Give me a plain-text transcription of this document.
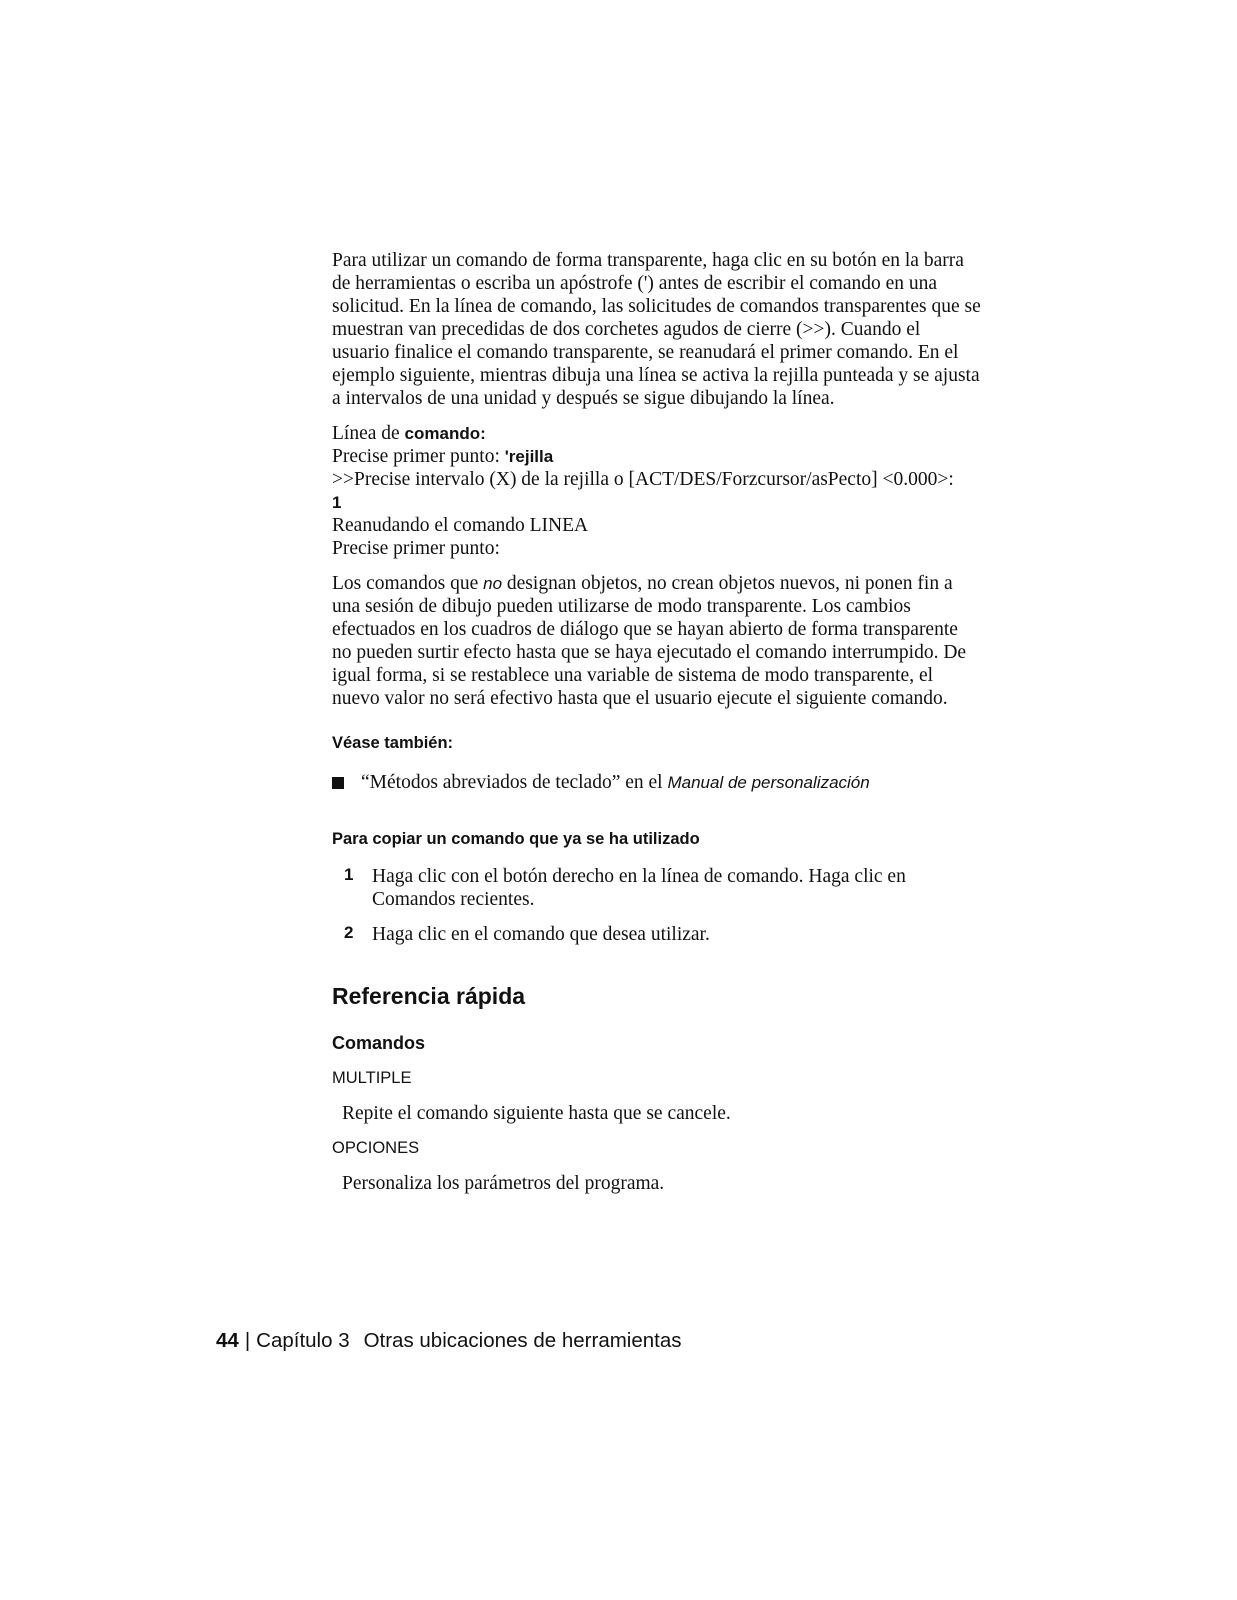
Para utilizar un comando de forma transparente, haga clic en su botón en la barra de herramientas o escriba un apóstrofe (') antes de escribir el comando en una solicitud. En la línea de comando, las solicitudes de comandos transparentes que se muestran van precedidas de dos corchetes agudos de cierre (>>). Cuando el usuario finalice el comando transparente, se reanudará el primer comando. En el ejemplo siguiente, mientras dibuja una línea se activa la rejilla punteada y se ajusta a intervalos de una unidad y después se sigue dibujando la línea.

Línea de comando:
Precise primer punto: 'rejilla
>>Precise intervalo (X) de la rejilla o [ACT/DES/Forzcursor/asPecto] <0.000>:
1
Reanudando el comando LINEA
Precise primer punto:

Los comandos que no designan objetos, no crean objetos nuevos, ni ponen fin a una sesión de dibujo pueden utilizarse de modo transparente. Los cambios efectuados en los cuadros de diálogo que se hayan abierto de forma transparente no pueden surtir efecto hasta que se haya ejecutado el comando interrumpido. De igual forma, si se restablece una variable de sistema de modo transparente, el nuevo valor no será efectivo hasta que el usuario ejecute el siguiente comando.

Véase también:
“Métodos abreviados de teclado” en el Manual de personalización
Para copiar un comando que ya se ha utilizado
1 Haga clic con el botón derecho en la línea de comando. Haga clic en Comandos recientes.
2 Haga clic en el comando que desea utilizar.
Referencia rápida
Comandos
MULTIPLE
Repite el comando siguiente hasta que se cancele.
OPCIONES
Personaliza los parámetros del programa.
44 | Capítulo 3 Otras ubicaciones de herramientas
